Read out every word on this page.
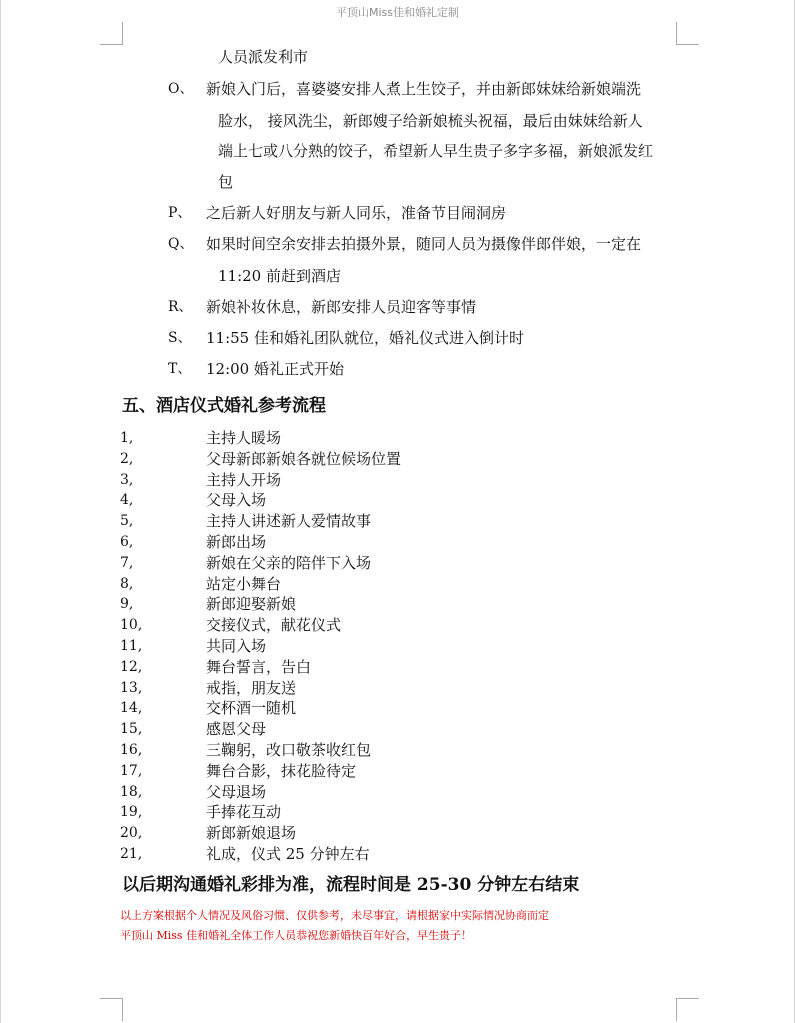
平顶山Miss佳和婚礼定制
人员派发利市
O、 新娘入门后，喜婆婆安排人煮上生饺子，并由新郎妹妹给新娘端洗
脸水， 接风洗尘，新郎嫂子给新娘梳头祝福，最后由妹妹给新人
端上七或八分熟的饺子，希望新人早生贵子多字多福，新娘派发红
包
P、 之后新人好朋友与新人同乐，准备节目闹洞房
Q、 如果时间空余安排去拍摄外景，随同人员为摄像伴郎伴娘，一定在
11:20 前赶到酒店
R、 新娘补妆休息，新郎安排人员迎客等事情
S、 11:55 佳和婚礼团队就位，婚礼仪式进入倒计时
T、 12:00 婚礼正式开始
五、酒店仪式婚礼参考流程
1,	主持人暖场
2,	父母新郎新娘各就位候场位置
3,	主持人开场
4,	父母入场
5,	主持人讲述新人爱情故事
6,	新郎出场
7,	新娘在父亲的陪伴下入场
8,	站定小舞台
9,	新郎迎娶新娘
10,	交接仪式，献花仪式
11,	共同入场
12,	舞台誓言，告白
13,	戒指，朋友送
14,	交杯酒一随机
15,	感恩父母
16,	三鞠躬，改口敬茶收红包
17,	舞台合影，抹花脸待定
18,	父母退场
19,	手捧花互动
20,	新郎新娘退场
21,	礼成，仪式 25 分钟左右
以后期沟通婚礼彩排为准，流程时间是 25-30 分钟左右结束
以上方案根据个人情况及风俗习惯、仅供参考，未尽事宜，请根据家中实际情况协商而定
平顶山 Miss 佳和婚礼全体工作人员恭祝您新婚快百年好合，早生贵子！
